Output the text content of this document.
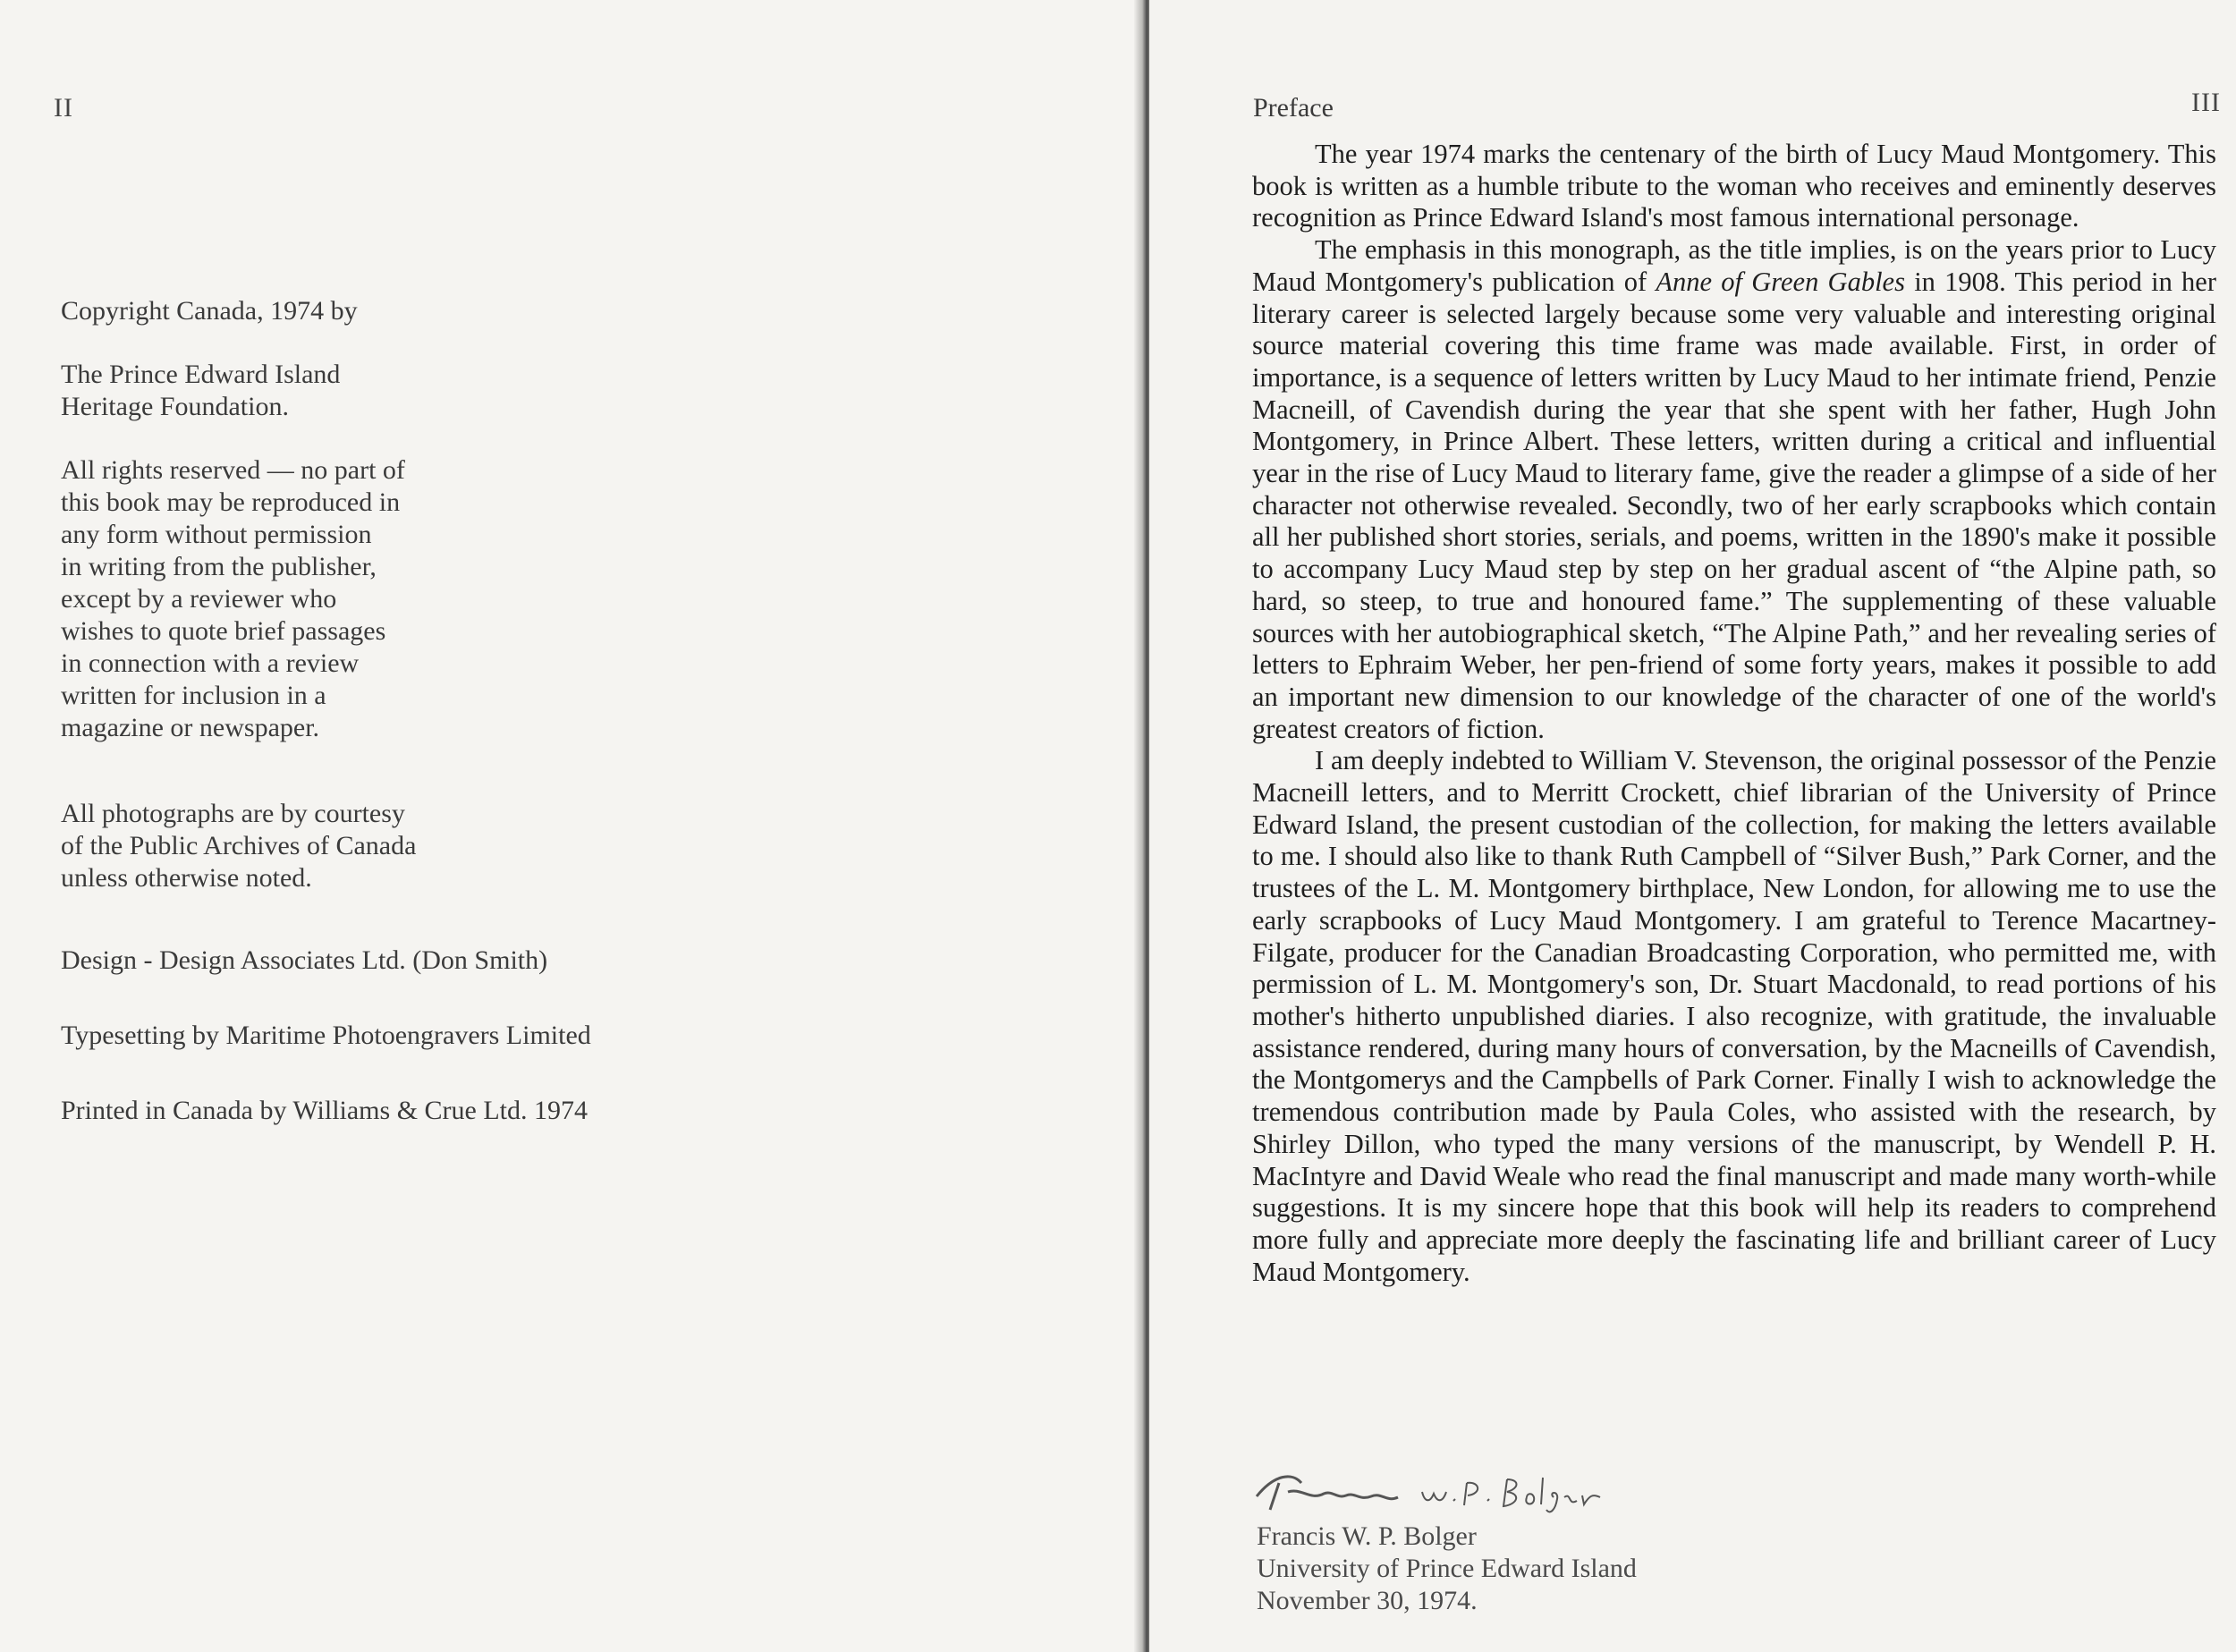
II

Copyright Canada, 1974 by

The Prince Edward Island

Heritage Foundation.

All rights reserved — no part of

this book may be reproduced in

any form without permission

in writing from the publisher,

except by a reviewer who

wishes to quote brief passages

in connection with a review

written for inclusion in a

magazine or newspaper.

All photographs are by courtesy

of the Public Archives of Canada

unless otherwise noted.

Design - Design Associates Ltd. (Don Smith)

Typesetting by Maritime Photoengravers Limited

Printed in Canada by Williams & Crue Ltd. 1974

Preface	III

The year 1974 marks the centenary of the birth of Lucy Maud Montgomery. This book is written as a humble tribute to the woman who receives and eminently deserves recognition as Prince Edward Island's most famous international personage.

The emphasis in this monograph, as the title implies, is on the years prior to Lucy Maud Montgomery's publication of Anne of Green Gables in 1908. This period in her literary career is selected largely because some very valuable and interesting original source material covering this time frame was made available. First, in order of importance, is a sequence of letters written by Lucy Maud to her intimate friend, Penzie Macneill, of Cavendish during the year that she spent with her father, Hugh John Montgomery, in Prince Albert. These letters, written during a critical and influential year in the rise of Lucy Maud to literary fame, give the reader a glimpse of a side of her character not otherwise revealed. Secondly, two of her early scrapbooks which contain all her published short stories, serials, and poems, written in the 1890's make it possible to accompany Lucy Maud step by step on her gradual ascent of “the Alpine path, so hard, so steep, to true and honoured fame.” The supplementing of these valuable sources with her autobiographical sketch, “The Alpine Path,” and her revealing series of letters to Ephraim Weber, her pen-friend of some forty years, makes it possible to add an important new dimension to our knowledge of the character of one of the world's greatest creators of fiction.

I am deeply indebted to William V. Stevenson, the original possessor of the Penzie Macneill letters, and to Merritt Crockett, chief librarian of the University of Prince Edward Island, the present custodian of the collection, for making the letters available to me. I should also like to thank Ruth Campbell of “Silver Bush,” Park Corner, and the trustees of the L. M. Montgomery birthplace, New London, for allowing me to use the early scrapbooks of Lucy Maud Montgomery. I am grateful to Terence Macartney-Filgate, producer for the Canadian Broadcasting Corporation, who permitted me, with permission of L. M. Montgomery's son, Dr. Stuart Macdonald, to read portions of his mother's hitherto unpublished diaries. I also recognize, with gratitude, the invaluable assistance rendered, during many hours of conversation, by the Macneills of Cavendish, the Montgomerys and the Campbells of Park Corner. Finally I wish to acknowledge the tremendous contribution made by Paula Coles, who assisted with the research, by Shirley Dillon, who typed the many versions of the manuscript, by Wendell P. H. MacIntyre and David Weale who read the final manuscript and made many worth-while suggestions. It is my sincere hope that this book will help its readers to comprehend more fully and appreciate more deeply the fascinating life and brilliant career of Lucy Maud Montgomery.

Francis W. P. Bolger
University of Prince Edward Island
November 30, 1974.
